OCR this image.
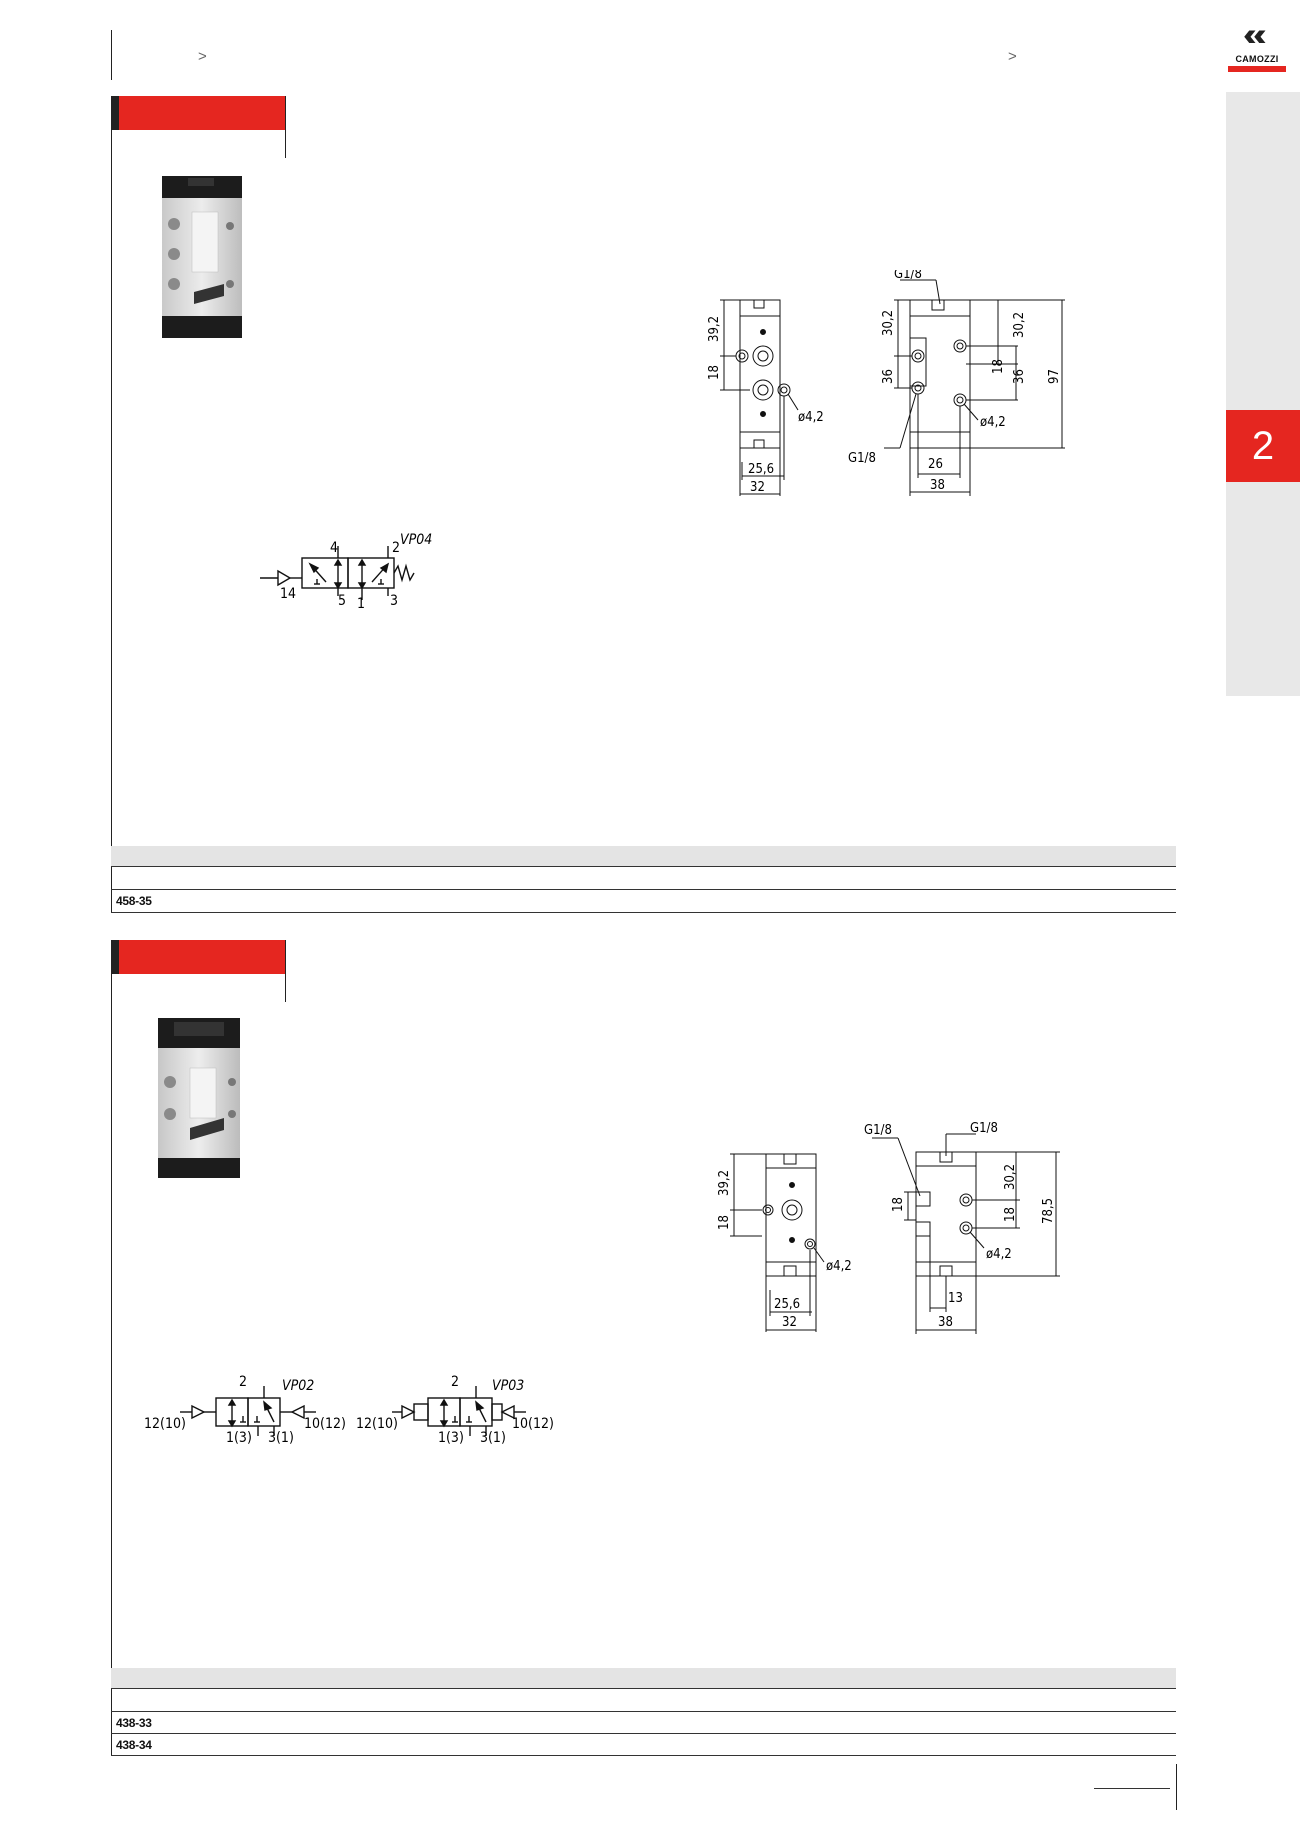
>	>	CAMOZZI
2
VP04
4	2
14	5 1 3
39,2
18
ø4,2
25,6
32
G1/8
G1/8
30,2
36
30,2
18
36 97
ø4,2
26
38
458-35
VP02
2
12(10)
1(3) 3(1)
10(12)
VP03
2
12(10)
1(3) 3(1)
10(12)
39,2
18
ø4,2
25,6
32
G1/8
G1/8
18
30,2
18 78,5
ø4,2
13
38
438-33
438-34
